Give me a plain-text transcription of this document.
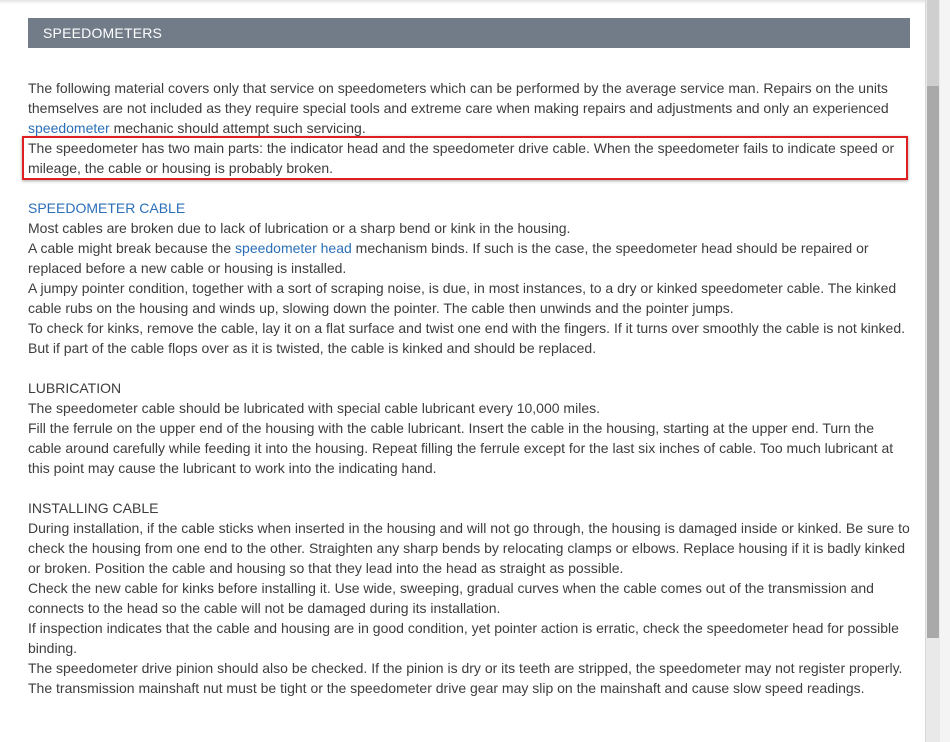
SPEEDOMETERS

The following material covers only that service on speedometers which can be performed by the average service man. Repairs on the units themselves are not included as they require special tools and extreme care when making repairs and adjustments and only an experienced speedometer mechanic should attempt such servicing.

The speedometer has two main parts: the indicator head and the speedometer drive cable. When the speedometer fails to indicate speed or mileage, the cable or housing is probably broken.

SPEEDOMETER CABLE

Most cables are broken due to lack of lubrication or a sharp bend or kink in the housing.

A cable might break because the speedometer head mechanism binds. If such is the case, the speedometer head should be repaired or replaced before a new cable or housing is installed.

A jumpy pointer condition, together with a sort of scraping noise, is due, in most instances, to a dry or kinked speedometer cable. The kinked cable rubs on the housing and winds up, slowing down the pointer. The cable then unwinds and the pointer jumps.

To check for kinks, remove the cable, lay it on a flat surface and twist one end with the fingers. If it turns over smoothly the cable is not kinked. But if part of the cable flops over as it is twisted, the cable is kinked and should be replaced.

LUBRICATION

The speedometer cable should be lubricated with special cable lubricant every 10,000 miles.

Fill the ferrule on the upper end of the housing with the cable lubricant. Insert the cable in the housing, starting at the upper end. Turn the cable around carefully while feeding it into the housing. Repeat filling the ferrule except for the last six inches of cable. Too much lubricant at this point may cause the lubricant to work into the indicating hand.

INSTALLING CABLE

During installation, if the cable sticks when inserted in the housing and will not go through, the housing is damaged inside or kinked. Be sure to check the housing from one end to the other. Straighten any sharp bends by relocating clamps or elbows. Replace housing if it is badly kinked or broken. Position the cable and housing so that they lead into the head as straight as possible.

Check the new cable for kinks before installing it. Use wide, sweeping, gradual curves when the cable comes out of the transmission and connects to the head so the cable will not be damaged during its installation.

If inspection indicates that the cable and housing are in good condition, yet pointer action is erratic, check the speedometer head for possible binding.

The speedometer drive pinion should also be checked. If the pinion is dry or its teeth are stripped, the speedometer may not register properly.

The transmission mainshaft nut must be tight or the speedometer drive gear may slip on the mainshaft and cause slow speed readings.
